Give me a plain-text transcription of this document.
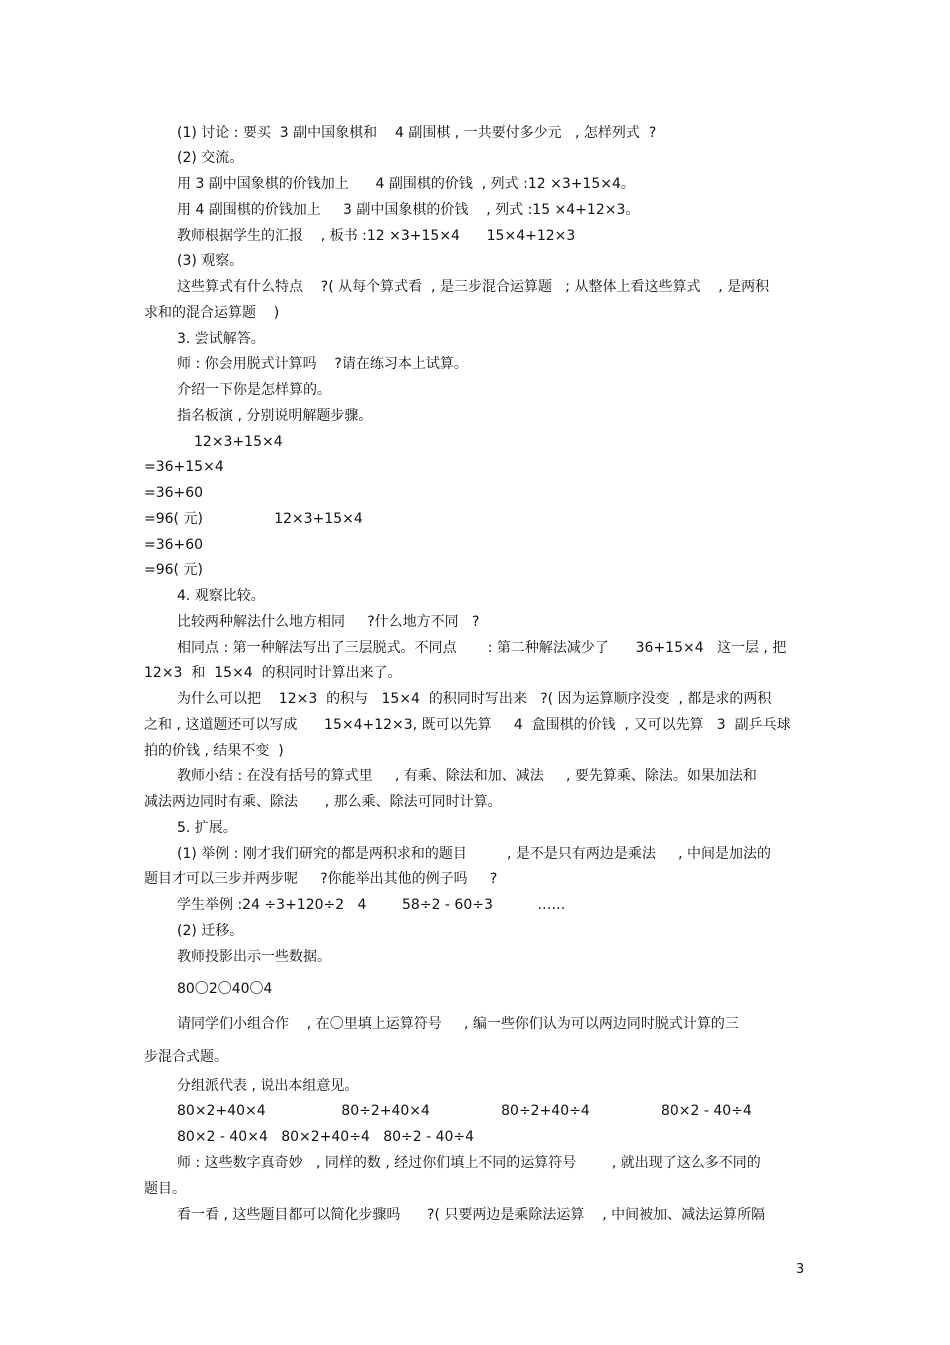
(1) 讨论 : 要买  3 副中国象棋和    4 副围棋 , 一共要付多少元   , 怎样列式  ?
(2) 交流。
用 3 副中国象棋的价钱加上      4 副围棋的价钱  , 列式 :12 ×3+15×4。
用 4 副围棋的价钱加上     3 副中国象棋的价钱    , 列式 :15 ×4+12×3。
教师根据学生的汇报    , 板书 :12 ×3+15×4      15×4+12×3
(3) 观察。
这些算式有什么特点    ?( 从每个算式看  , 是三步混合运算题   ; 从整体上看这些算式    , 是两积
求和的混合运算题    )
3. 尝试解答。
师 : 你会用脱式计算吗    ?请在练习本上试算。
介绍一下你是怎样算的。
指名板演 , 分别说明解题步骤。
12×3+15×4
=36+15×4
=36+60
=96( 元)                12×3+15×4
=36+60
=96( 元)
4. 观察比较。
比较两种解法什么地方相同     ?什么地方不同   ?
相同点 : 第一种解法写出了三层脱式。不同点       : 第二种解法减少了      36+15×4   这一层 , 把
12×3  和  15×4  的积同时计算出来了。
为什么可以把    12×3  的积与   15×4  的积同时写出来   ?( 因为运算顺序没变  , 都是求的两积
之和 , 这道题还可以写成      15×4+12×3, 既可以先算     4  盒围棋的价钱  , 又可以先算   3  副乒乓球
拍的价钱 , 结果不变  )
教师小结 : 在没有括号的算式里     , 有乘、除法和加、减法     , 要先算乘、除法。如果加法和
减法两边同时有乘、除法      , 那么乘、除法可同时计算。
5. 扩展。
(1) 举例 : 刚才我们研究的都是两积求和的题目         , 是不是只有两边是乘法     , 中间是加法的
题目才可以三步并两步呢     ?你能举出其他的例子吗     ?
学生举例 :24 ÷3+120÷2   4        58÷2 - 60÷3          ……
(2) 迁移。
教师投影出示一些数据。
80〇2〇40〇4
请同学们小组合作    , 在〇里填上运算符号     , 编一些你们认为可以两边同时脱式计算的三
步混合式题。
分组派代表 , 说出本组意见。
80×2+40×4                 80÷2+40×4                80÷2+40÷4                80×2 - 40÷4
80×2 - 40×4   80×2+40÷4   80÷2 - 40÷4
师 : 这些数字真奇妙   , 同样的数 , 经过你们填上不同的运算符号        , 就出现了这么多不同的
题目。
看一看 , 这些题目都可以简化步骤吗      ?( 只要两边是乘除法运算    , 中间被加、减法运算所隔
3
